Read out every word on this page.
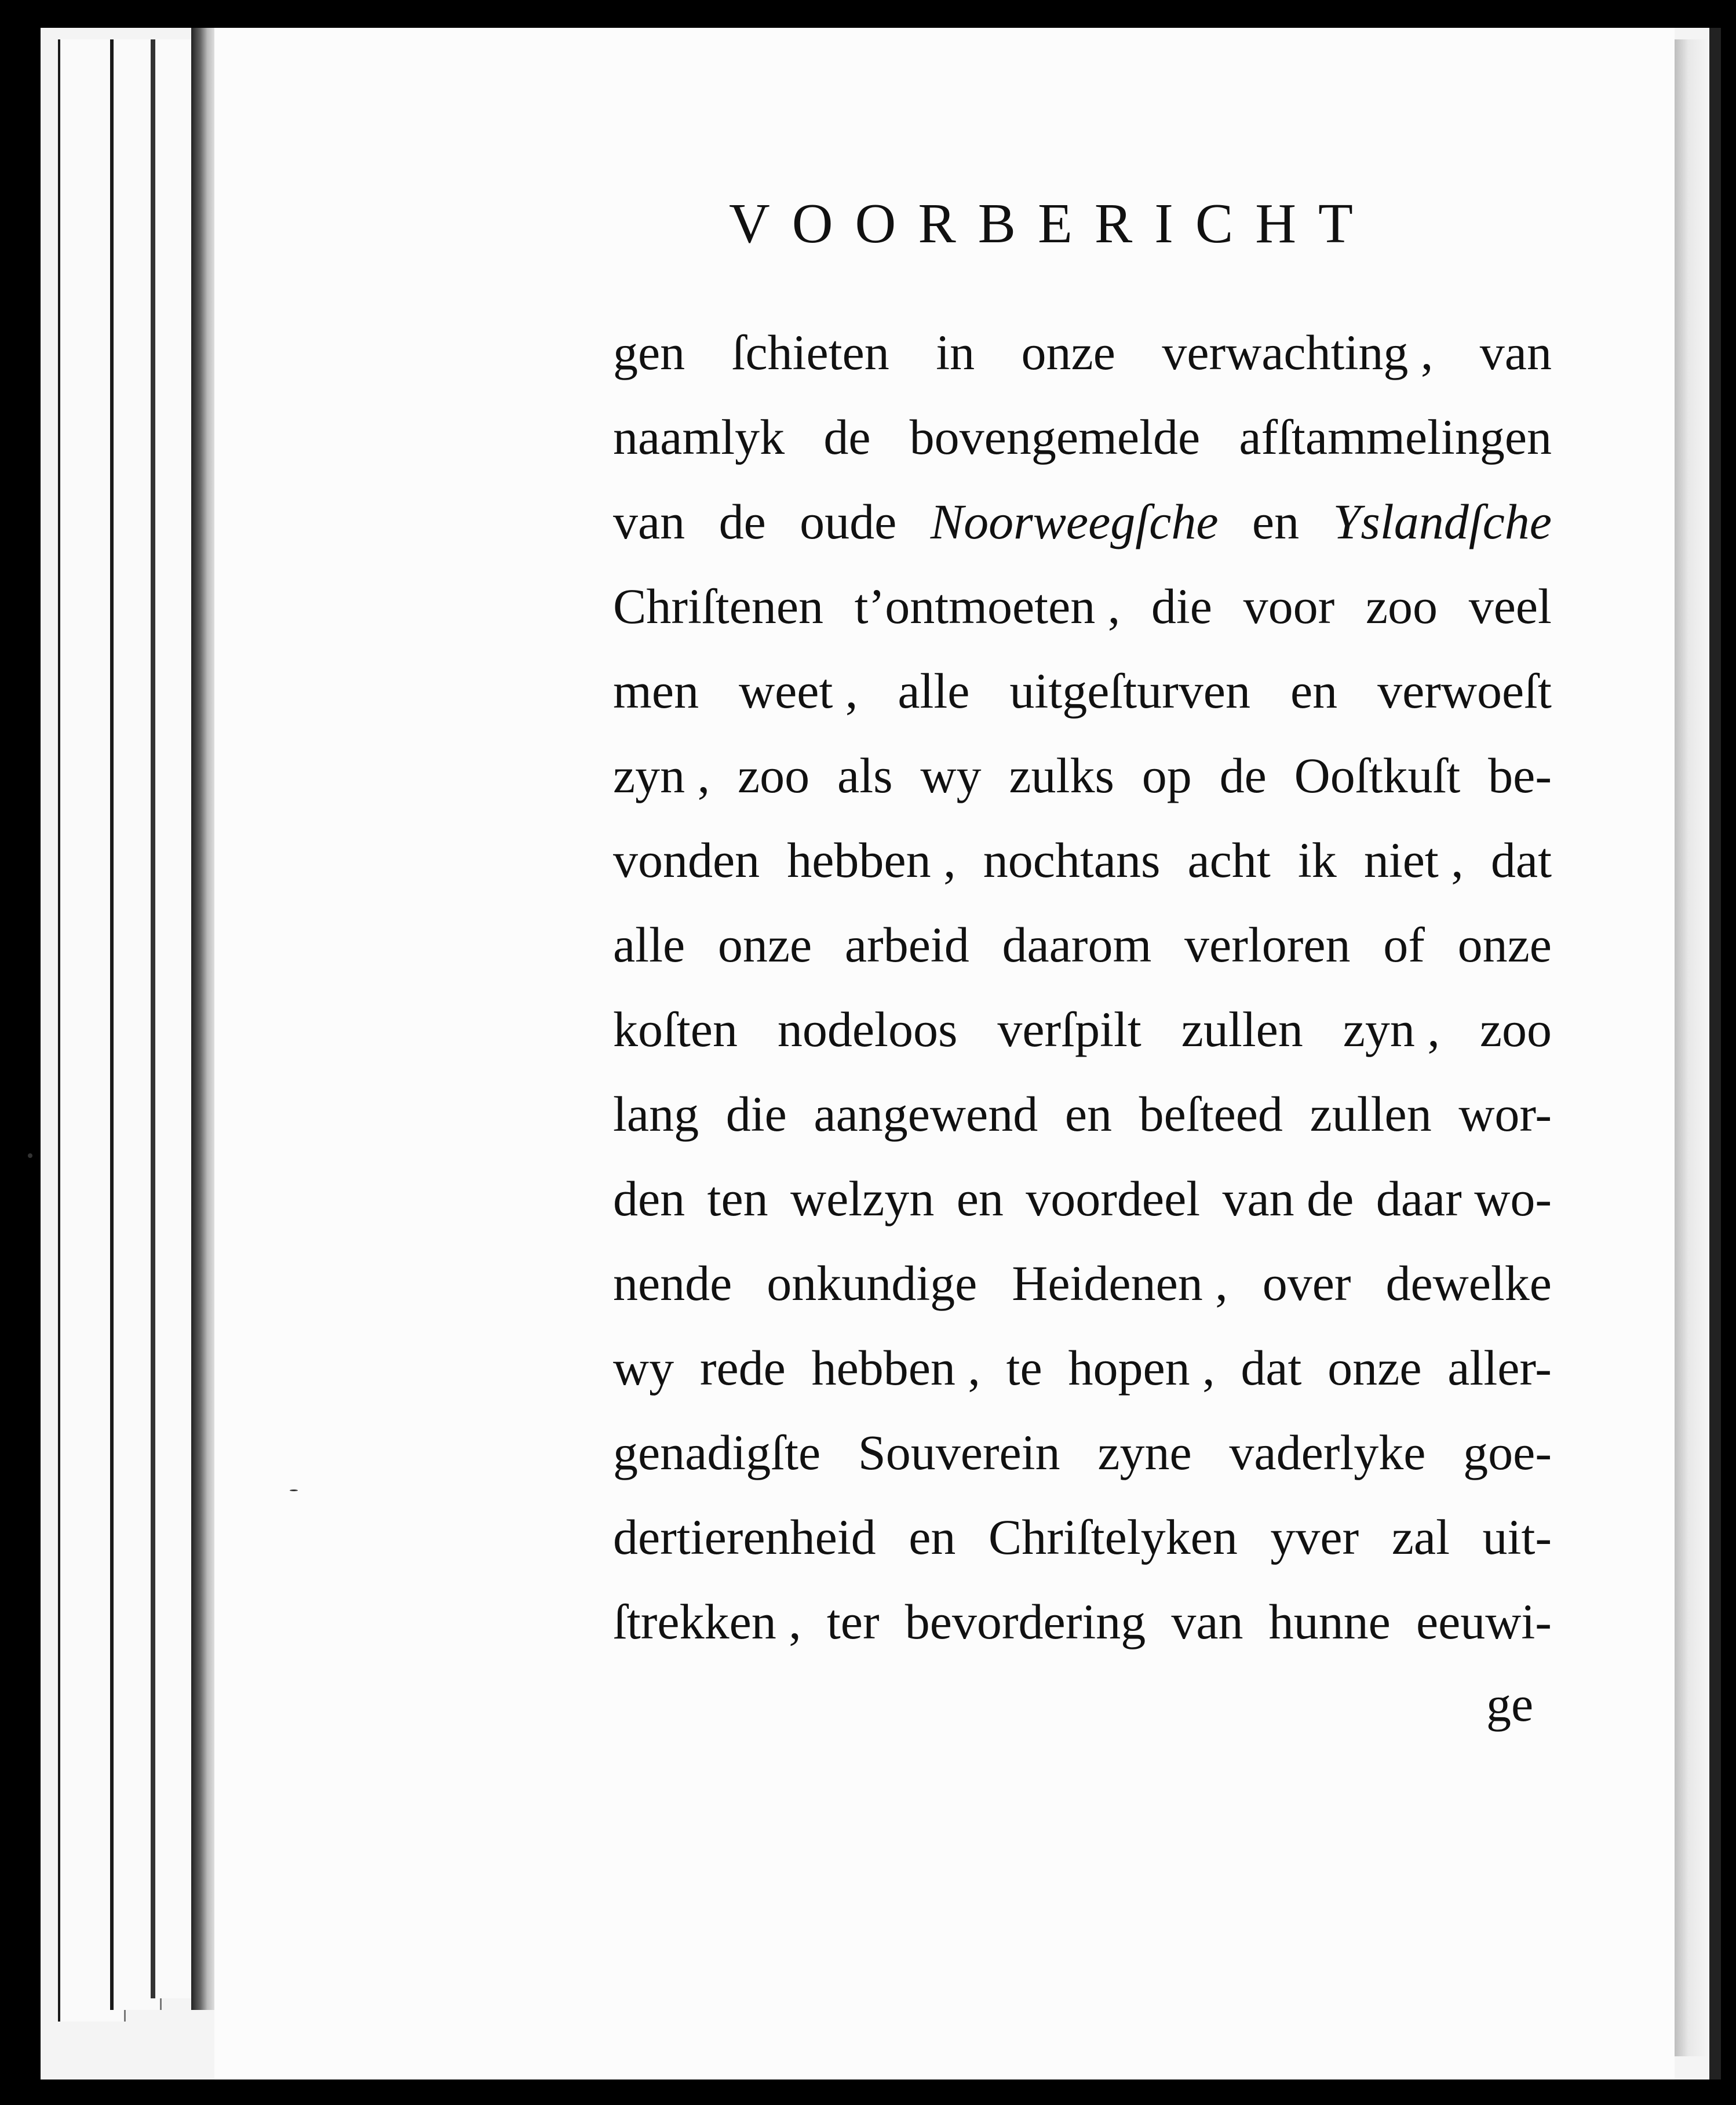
VOORBERICHT
gen ſchieten in onze verwachting , van
naamlyk de bovengemelde afſtammelingen
van de oude Noorweegſche en Yslandſche
Chriſtenen t’ontmoeten , die voor zoo veel
men weet , alle uitgeſturven en verwoeſt
zyn , zoo als wy zulks op de Ooſtkuſt be-
vonden hebben , nochtans acht ik niet , dat
alle onze arbeid daarom verloren of onze
koſten nodeloos verſpilt zullen zyn , zoo
lang die aangewend en beſteed zullen wor-
den ten welzyn en voordeel van de daar wo-
nende onkundige Heidenen , over dewelke
wy rede hebben , te hopen , dat onze aller-
genadigſte Souverein zyne vaderlyke goe-
dertierenheid en Chriſtelyken yver zal uit-
ſtrekken , ter bevordering van hunne eeuwi-
ge
